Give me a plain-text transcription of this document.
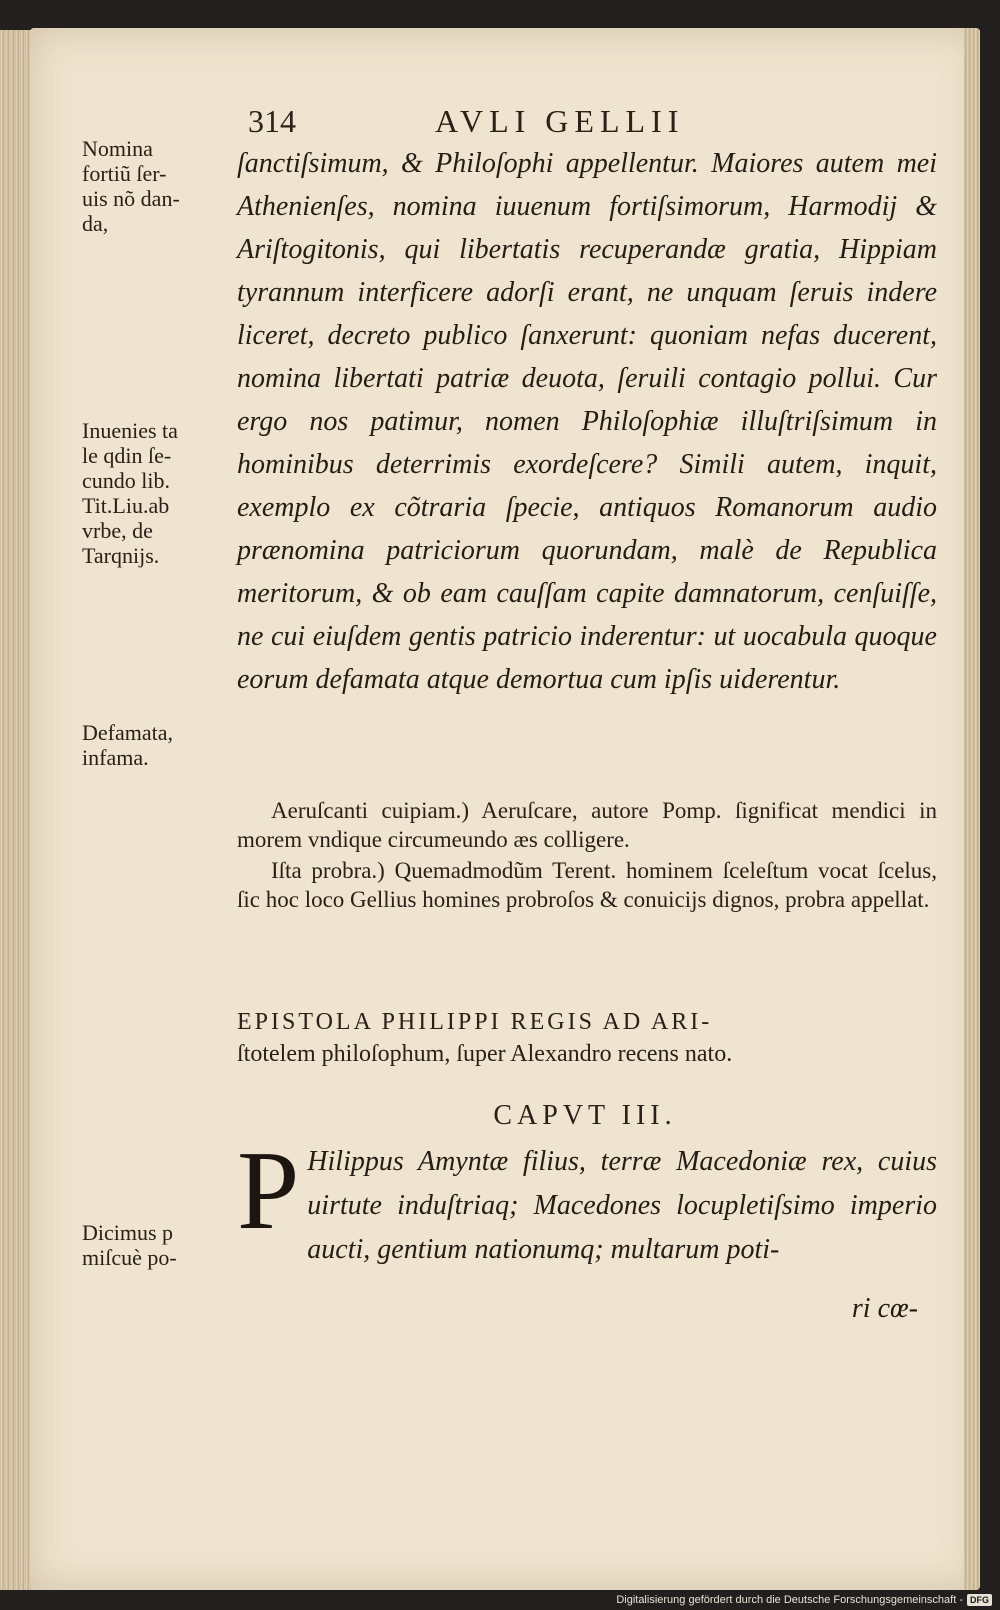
314	AVLI GELLII
Nomina
fortiũ ſer-
uis nõ dan-
da,
Inuenies ta
le qdin ſe-
cundo lib.
Tit.Liu.ab
vrbe, de
Tarqnijs.
Defamata,
infama.
Dicimus p
miſcuè po-

ſanctiſsimum, & Philoſophi appellentur. Maiores autem mei Athenienſes, nomina iuuenum fortiſsimorum, Harmodij & Ariſtogitonis, qui libertatis recuperandæ gratia, Hippiam tyrannum interficere adorſi erant, ne unquam ſeruis indere liceret, decreto publico ſanxerunt: quoniam nefas ducerent, nomina libertati patriæ deuota, ſeruili contagio pollui. Cur ergo nos patimur, nomen Philoſophiæ illuſtriſsimum in hominibus deterrimis exordeſcere? Simili autem, inquit, exemplo ex cõtraria ſpecie, antiquos Romanorum audio prænomina patriciorum quorundam, malè de Republica meritorum, & ob eam cauſſam capite damnatorum, cenſuiſſe, ne cui eiuſdem gentis patricio inderentur: ut uocabula quoque eorum defamata atque demortua cum ipſis uiderentur.

Aeruſcanti cuipiam.) Aeruſcare, autore Pomp. ſignificat mendici in morem vndique circumeundo æs colligere.

Iſta probra.) Quemadmodũm Terent. hominem ſceleſtum vocat ſcelus, ſic hoc loco Gellius homines probroſos & conuicijs dignos, probra appellat.

EPISTOLA PHILIPPI REGIS AD ARI-
ſtotelem philoſophum, ſuper Alexandro recens nato.
CAPVT III.
P Hilippus Amyntæ filius, terræ Macedoniæ rex, cuius uirtute induſtriaq; Macedones locupletiſsimo imperio aucti, gentium nationumq; multarum poti-

ri cœ-
Digitalisierung gefördert durch die Deutsche Forschungsgemeinschaft - DFG
